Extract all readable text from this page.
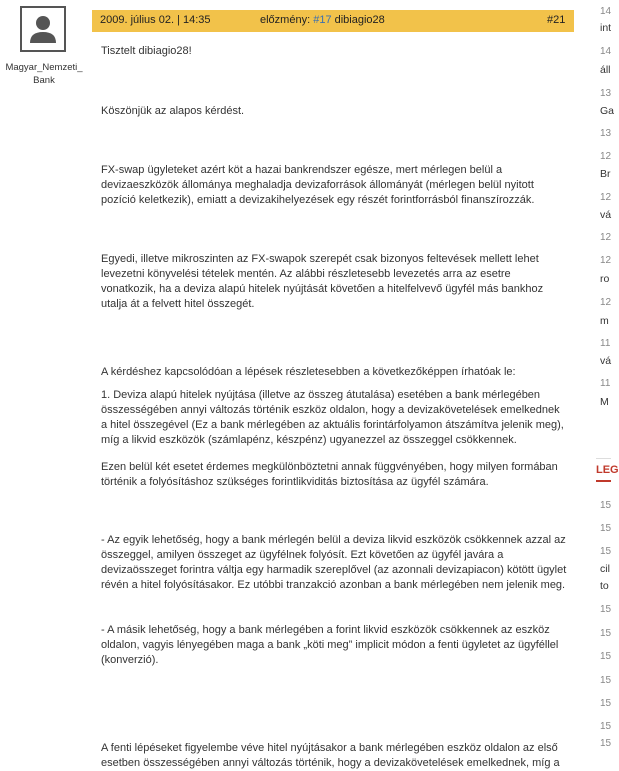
Magyar_Nemzeti_ Bank
2009. július 02. | 14:35	előzmény: #17 dibiagio28	#21

Tisztelt dibiagio28!

Köszönjük az alapos kérdést.

FX-swap ügyleteket azért köt a hazai bankrendszer egésze, mert mérlegen belül a devizaeszközök állománya meghaladja devizaforrások állományát (mérlegen belül nyitott pozíció keletkezik), emiatt a devizakihelyezések egy részét forintforrásból finanszírozzák.

Egyedi, illetve mikroszinten az FX-swapok szerepét csak bizonyos feltevések mellett lehet levezetni könyvelési tételek mentén. Az alábbi részletesebb levezetés arra az esetre vonatkozik, ha a deviza alapú hitelek nyújtását követően a hitelfelvevő ügyfél más bankhoz utalja át a felvett hitel összegét.

A kérdéshez kapcsolódóan a lépések részletesebben a következőképpen írhatóak le:

1. Deviza alapú hitelek nyújtása (illetve az összeg átutalása) esetében a bank mérlegében összességében annyi változás történik eszköz oldalon, hogy a devizakövetelések emelkednek a hitel összegével (Ez a bank mérlegében az aktuális forintárfolyamon átszámítva jelenik meg), míg a likvid eszközök (számlapénz, készpénz) ugyanezzel az összeggel csökkennek.

Ezen belül két esetet érdemes megkülönböztetni annak függvényében, hogy milyen formában történik a folyósításhoz szükséges forintlikviditás biztosítása az ügyfél számára.

- Az egyik lehetőség, hogy a bank mérlegén belül a deviza likvid eszközök csökkennek azzal az összeggel, amilyen összeget az ügyfélnek folyósít. Ezt követően az ügyfél javára a devizaösszeget forintra váltja egy harmadik szereplővel (az azonnali devizapiacon) kötött ügylet révén a hitel folyósításakor. Ez utóbbi tranzakció azonban a bank mérlegében nem jelenik meg.

- A másik lehetőség, hogy a bank mérlegében a forint likvid eszközök csökkennek az eszköz oldalon, vagyis lényegében maga a bank „köti meg” implicit módon a fenti ügyletet az ügyféllel (konverzió).

A fenti lépéseket figyelembe véve hitel nyújtásakor a bank mérlegében eszköz oldalon az első esetben összességében annyi változás történik, hogy a devizakövetelések emelkednek, míg a

14
int
14
áll
13
Ga
13
12
Br
12
vá
12
12
ro
12
m
11
vá
11
M
LEG
15
15
15
cil
to
15
15
15
15
15
15
15
